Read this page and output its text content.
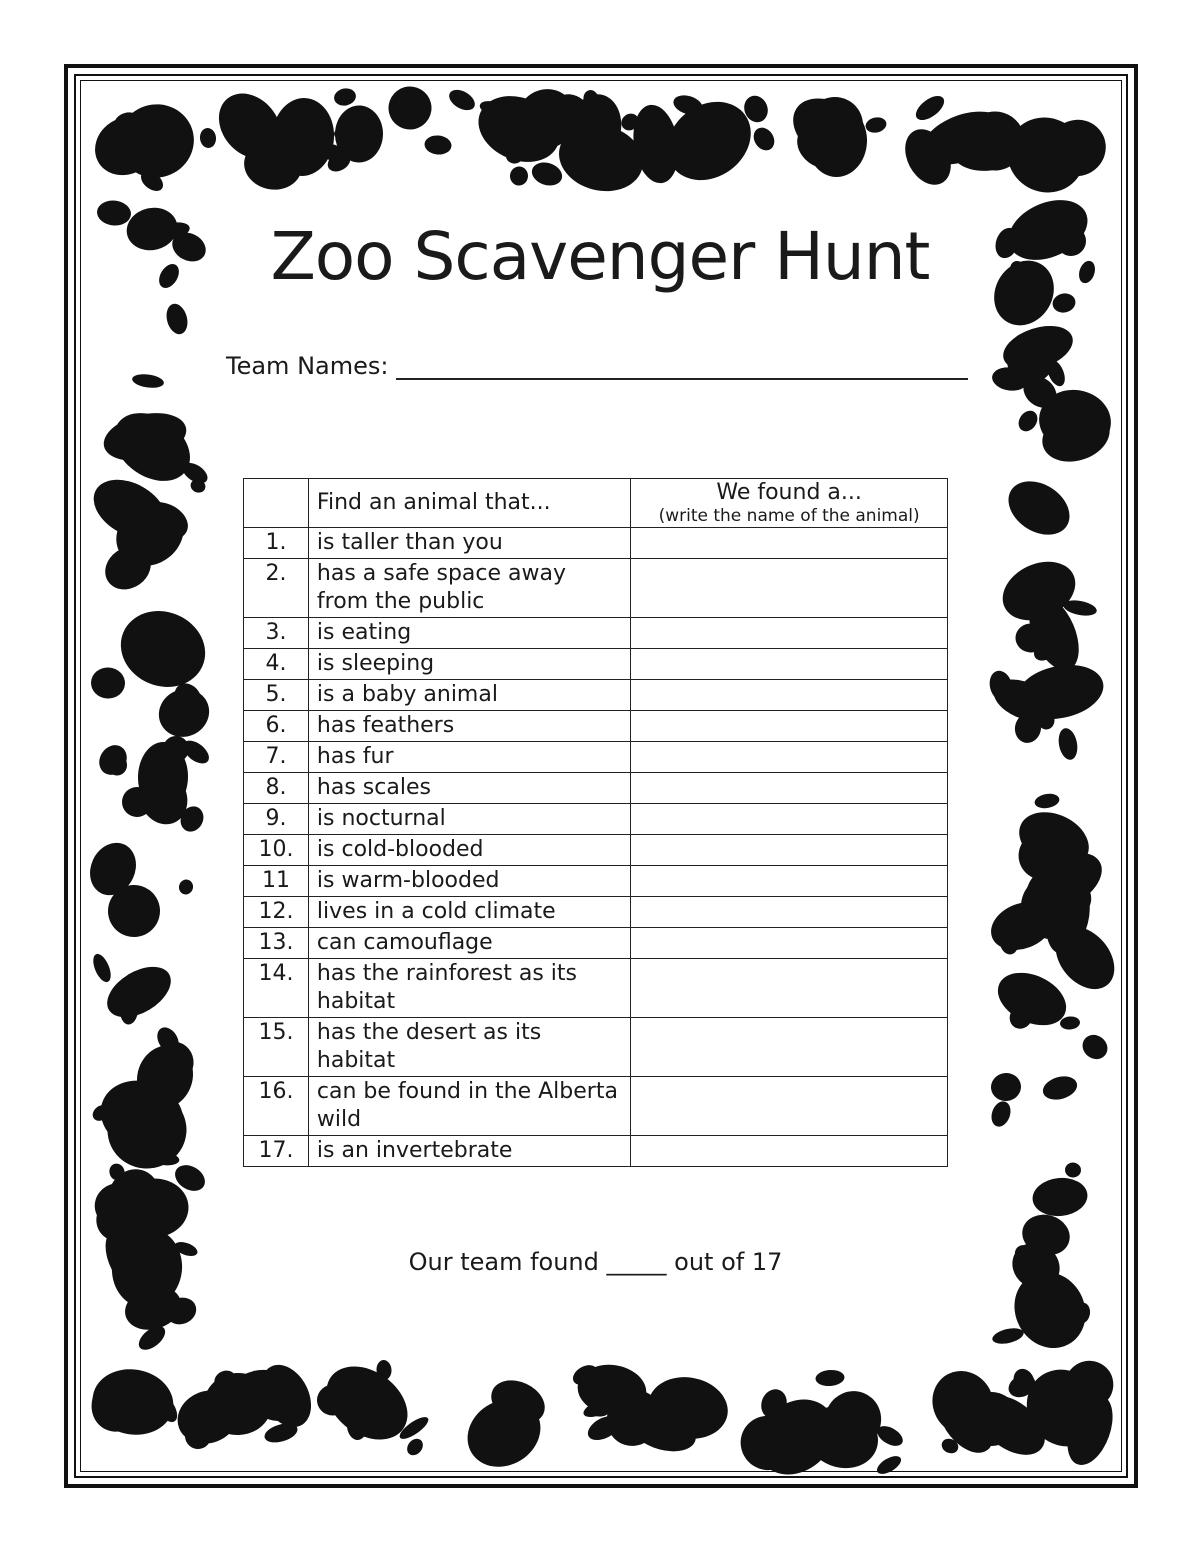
Zoo Scavenger Hunt
Team Names:
	Find an animal that...	We found a...
(write the name of the animal)

1.	is taller than you	
2.	has a safe space away from the public	
3.	is eating	
4.	is sleeping	
5.	is a baby animal	
6.	has feathers	
7.	has fur	
8.	has scales	
9.	is nocturnal	
10.	is cold-blooded	
11	is warm-blooded	
12.	lives in a cold climate	
13.	can camouflage	
14.	has the rainforest as its habitat	
15.	has the desert as its habitat	
16.	can be found in the Alberta wild	
17.	is an invertebrate	
Our team found _____ out of 17
